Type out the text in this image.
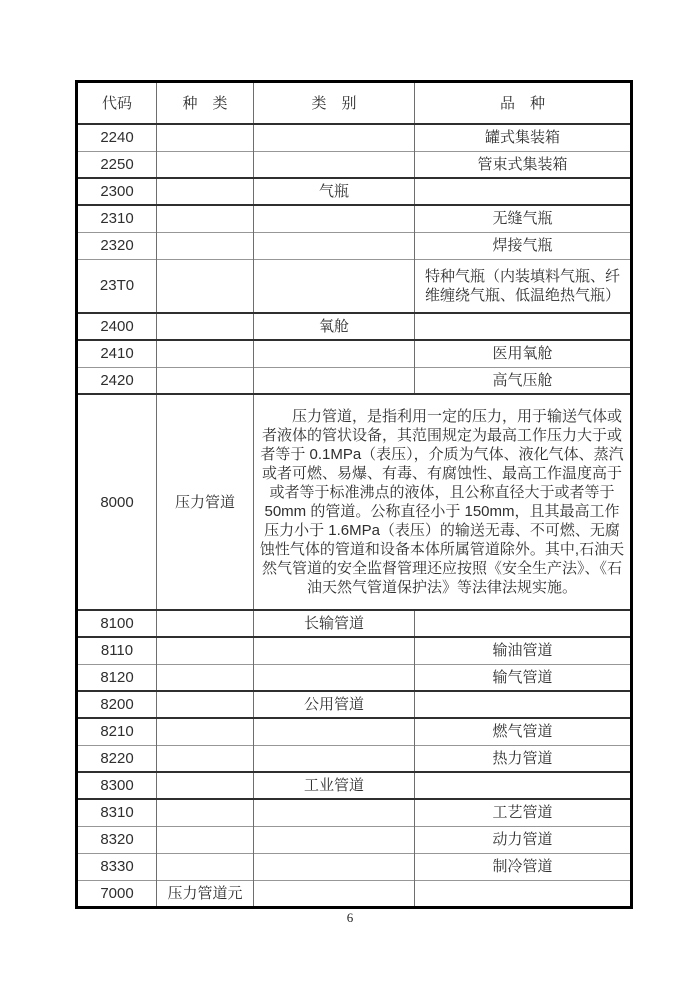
代码	种　类	类　别	品　种
2240			罐式集装箱
2250			管束式集装箱
2300		气瓶	
2310			无缝气瓶
2320			焊接气瓶
23T0			特种气瓶（内装填料气瓶、纤维缠绕气瓶、低温绝热气瓶）
2400		氧舱	
2410			医用氧舱
2420			高气压舱
8000	压力管道	压力管道，是指利用一定的压力，用于输送气体或者液体的管状设备，其范围规定为最高工作压力大于或者等于 0.1MPa（表压），介质为气体、液化气体、蒸汽或者可燃、易爆、有毒、有腐蚀性、最高工作温度高于或者等于标准沸点的液体，且公称直径大于或者等于 50mm 的管道。公称直径小于 150mm，且其最高工作压力小于 1.6MPa（表压）的输送无毒、不可燃、无腐蚀性气体的管道和设备本体所属管道除外。其中,石油天然气管道的安全监督管理还应按照《安全生产法》、《石油天然气管道保护法》等法律法规实施。	
8100		长输管道	
8110			输油管道
8120			输气管道
8200		公用管道	
8210			燃气管道
8220			热力管道
8300		工业管道	
8310			工艺管道
8320			动力管道
8330			制冷管道
7000	压力管道元		
6
